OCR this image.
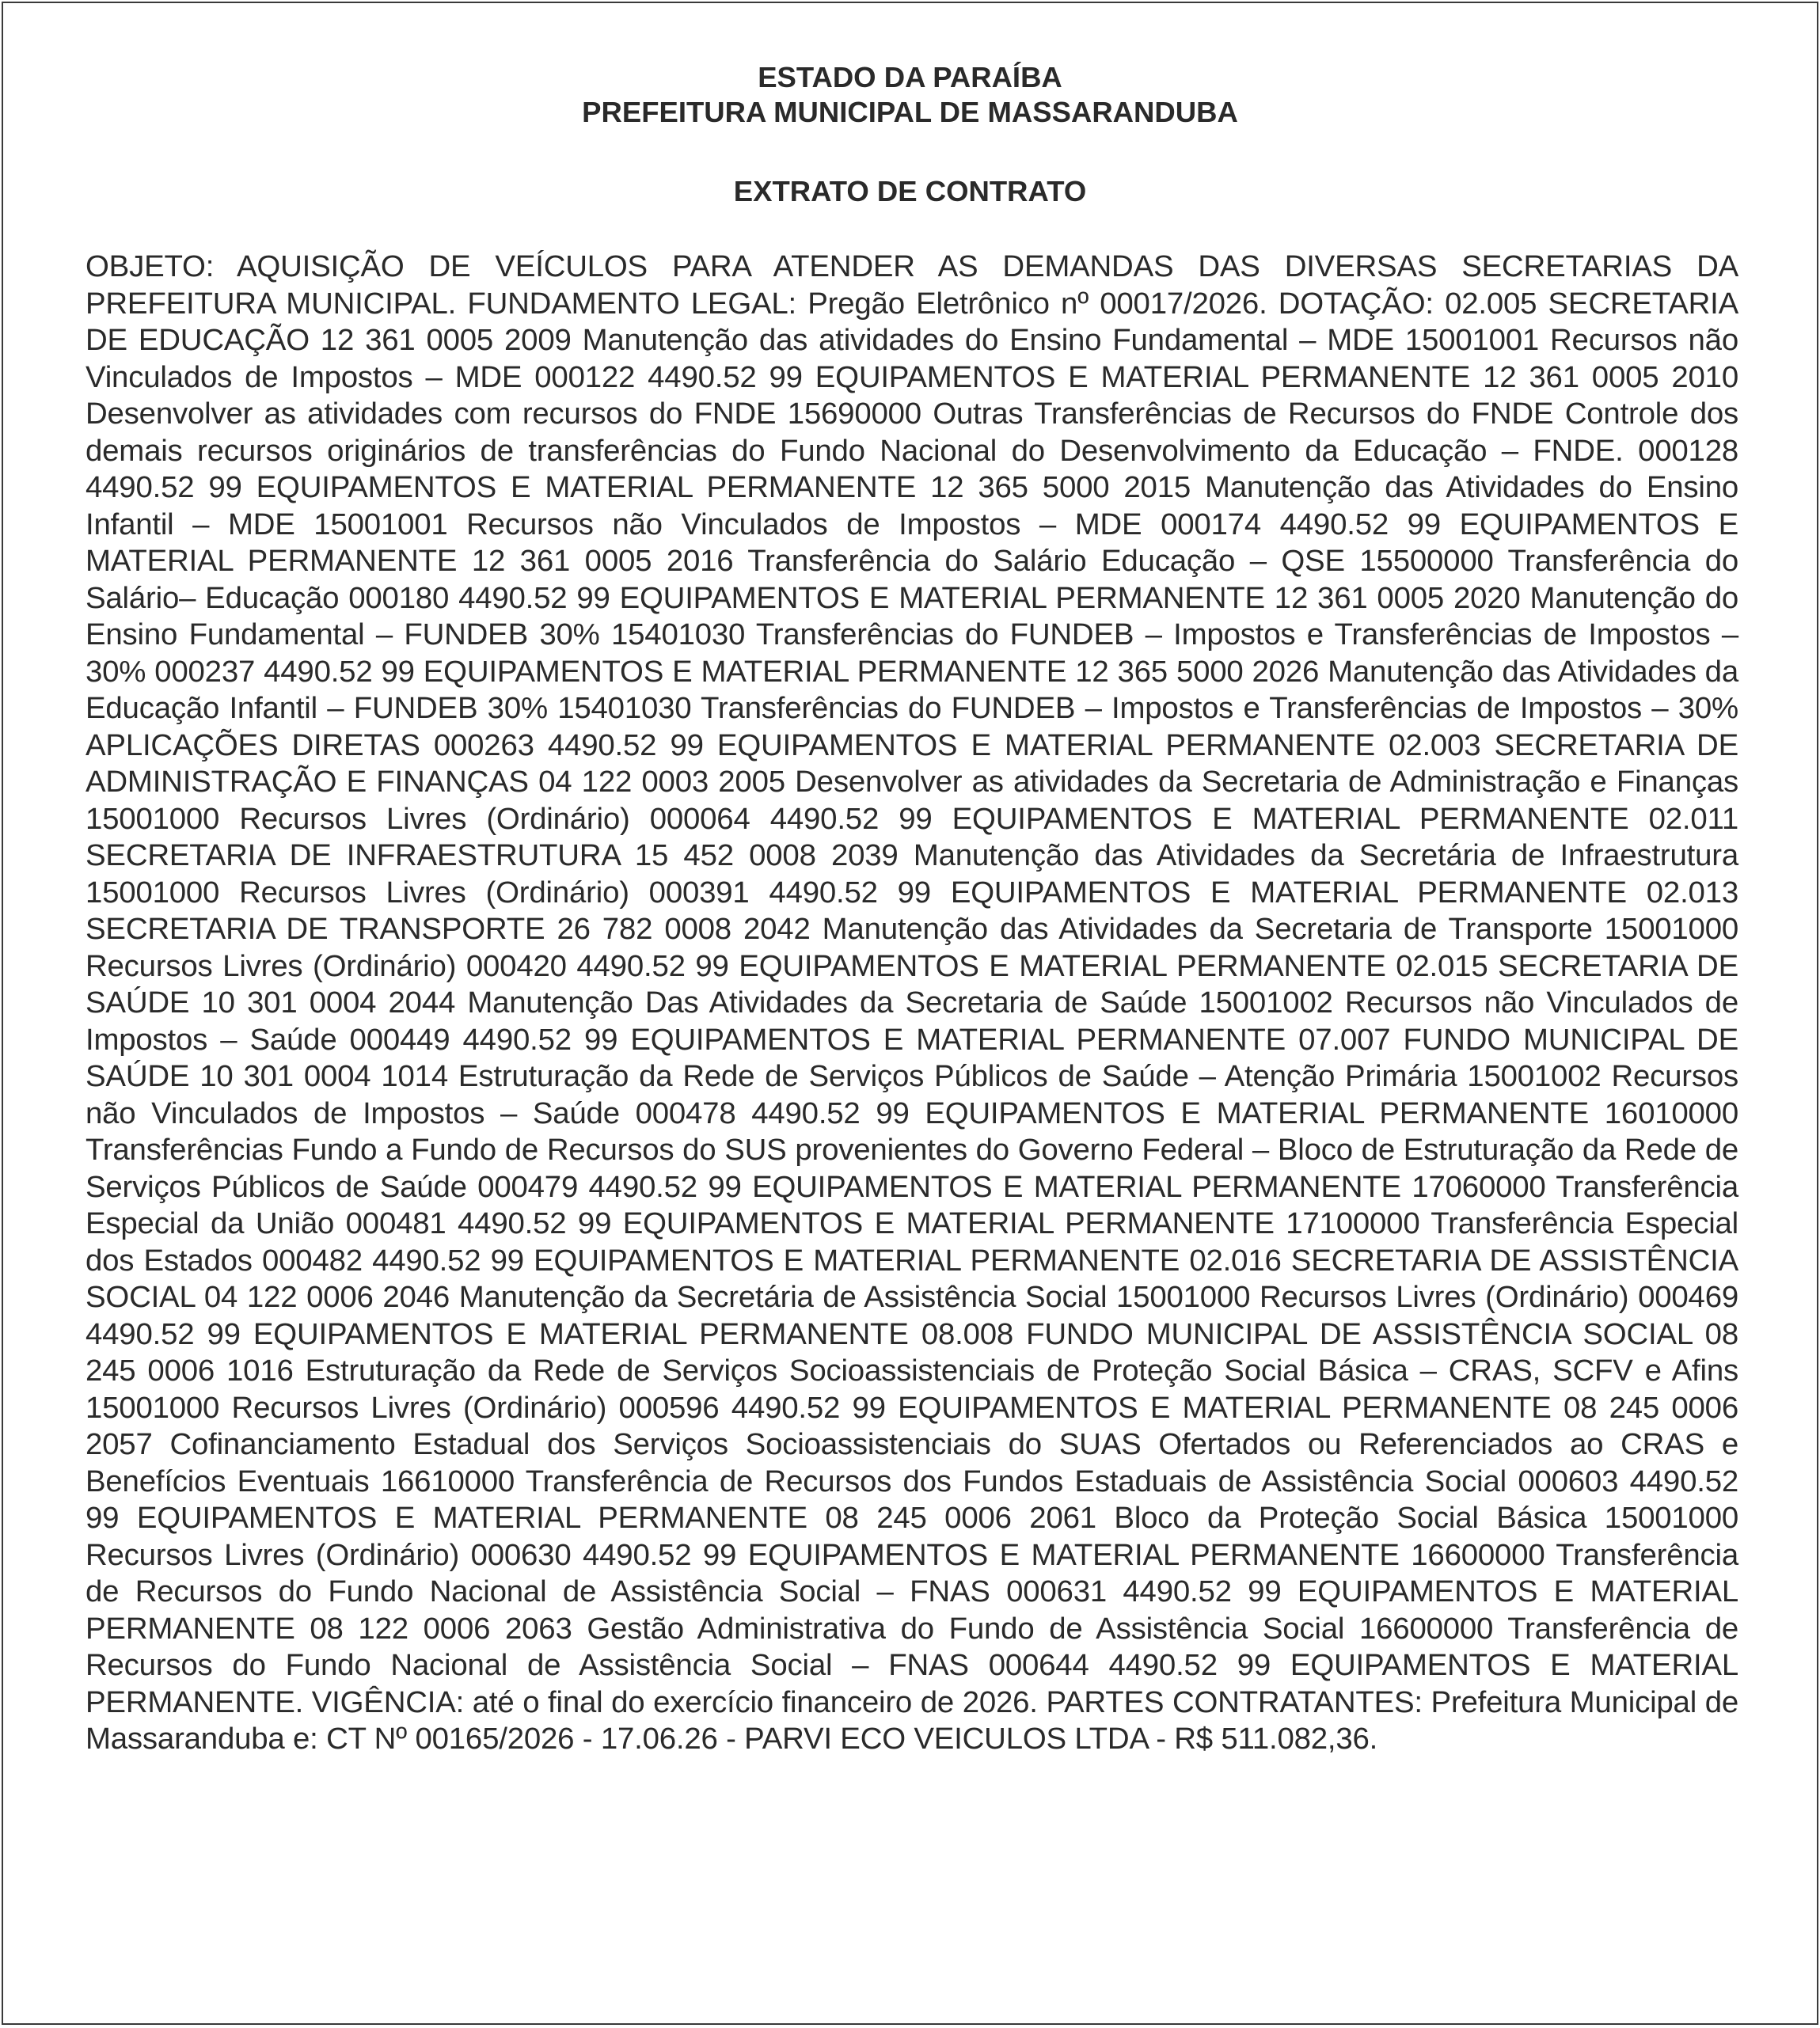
ESTADO DA PARAÍBA
PREFEITURA MUNICIPAL DE MASSARANDUBA
EXTRATO DE CONTRATO

OBJETO: AQUISIÇÃO DE VEÍCULOS PARA ATENDER AS DEMANDAS DAS DIVERSAS SECRETARIAS DA PREFEITURA MUNICIPAL. FUNDAMENTO LEGAL: Pregão Eletrônico nº 00017/2026. DOTAÇÃO: 02.005 SECRETARIA DE EDUCAÇÃO 12 361 0005 2009 Manutenção das atividades do Ensino Fundamental – MDE 15001001 Recursos não Vinculados de Impostos – MDE 000122 4490.52 99 EQUIPAMENTOS E MATERIAL PERMANENTE 12 361 0005 2010 Desenvolver as atividades com recursos do FNDE 15690000 Outras Transferências de Recursos do FNDE Controle dos demais recursos originários de transferências do Fundo Nacional do Desenvolvimento da Educação – FNDE. 000128 4490.52 99 EQUIPAMENTOS E MATERIAL PERMANENTE 12 365 5000 2015 Manutenção das Atividades do Ensino Infantil – MDE 15001001 Recursos não Vinculados de Impostos – MDE 000174 4490.52 99 EQUIPAMENTOS E MATERIAL PERMANENTE 12 361 0005 2016 Transferência do Salário Educação – QSE 15500000 Transferência do Salário– Educação 000180 4490.52 99 EQUIPAMENTOS E MATERIAL PERMANENTE 12 361 0005 2020 Manutenção do Ensino Fundamental – FUNDEB 30% 15401030 Transferências do FUNDEB – Impostos e Transferências de Impostos – 30% 000237 4490.52 99 EQUIPAMENTOS E MATERIAL PERMANENTE 12 365 5000 2026 Manutenção das Atividades da Educação Infantil – FUNDEB 30% 15401030 Transferências do FUNDEB – Impostos e Transferências de Impostos – 30% APLICAÇÕES DIRETAS 000263 4490.52 99 EQUIPAMENTOS E MATERIAL PERMANENTE 02.003 SECRETARIA DE ADMINISTRAÇÃO E FINANÇAS 04 122 0003 2005 Desenvolver as atividades da Secretaria de Administração e Finanças 15001000 Recursos Livres (Ordinário) 000064 4490.52 99 EQUIPAMENTOS E MATERIAL PERMANENTE 02.011 SECRETARIA DE INFRAESTRUTURA 15 452 0008 2039 Manutenção das Atividades da Secretária de Infraestrutura 15001000 Recursos Livres (Ordinário) 000391 4490.52 99 EQUIPAMENTOS E MATERIAL PERMANENTE 02.013 SECRETARIA DE TRANSPORTE 26 782 0008 2042 Manutenção das Atividades da Secretaria de Transporte 15001000 Recursos Livres (Ordinário) 000420 4490.52 99 EQUIPAMENTOS E MATERIAL PERMANENTE 02.015 SECRETARIA DE SAÚDE 10 301 0004 2044 Manutenção Das Atividades da Secretaria de Saúde 15001002 Recursos não Vinculados de Impostos – Saúde 000449 4490.52 99 EQUIPAMENTOS E MATERIAL PERMANENTE 07.007 FUNDO MUNICIPAL DE SAÚDE 10 301 0004 1014 Estruturação da Rede de Serviços Públicos de Saúde – Atenção Primária 15001002 Recursos não Vinculados de Impostos – Saúde 000478 4490.52 99 EQUIPAMENTOS E MATERIAL PERMANENTE 16010000 Transferências Fundo a Fundo de Recursos do SUS provenientes do Governo Federal – Bloco de Estruturação da Rede de Serviços Públicos de Saúde 000479 4490.52 99 EQUIPAMENTOS E MATERIAL PERMANENTE 17060000 Transferência Especial da União 000481 4490.52 99 EQUIPAMENTOS E MATERIAL PERMANENTE 17100000 Transferência Especial dos Estados 000482 4490.52 99 EQUIPAMENTOS E MATERIAL PERMANENTE 02.016 SECRETARIA DE ASSISTÊNCIA SOCIAL 04 122 0006 2046 Manutenção da Secretária de Assistência Social 15001000 Recursos Livres (Ordinário) 000469 4490.52 99 EQUIPAMENTOS E MATERIAL PERMANENTE 08.008 FUNDO MUNICIPAL DE ASSISTÊNCIA SOCIAL 08 245 0006 1016 Estruturação da Rede de Serviços Socioassistenciais de Proteção Social Básica – CRAS, SCFV e Afins 15001000 Recursos Livres (Ordinário) 000596 4490.52 99 EQUIPAMENTOS E MATERIAL PERMANENTE 08 245 0006 2057 Cofinanciamento Estadual dos Serviços Socioassistenciais do SUAS Ofertados ou Referenciados ao CRAS e Benefícios Eventuais 16610000 Transferência de Recursos dos Fundos Estaduais de Assistência Social 000603 4490.52 99 EQUIPAMENTOS E MATERIAL PERMANENTE 08 245 0006 2061 Bloco da Proteção Social Básica 15001000 Recursos Livres (Ordinário) 000630 4490.52 99 EQUIPAMENTOS E MATERIAL PERMANENTE 16600000 Transferência de Recursos do Fundo Nacional de Assistência Social – FNAS 000631 4490.52 99 EQUIPAMENTOS E MATERIAL PERMANENTE 08 122 0006 2063 Gestão Administrativa do Fundo de Assistência Social 16600000 Transferência de Recursos do Fundo Nacional de Assistência Social – FNAS 000644 4490.52 99 EQUIPAMENTOS E MATERIAL PERMANENTE. VIGÊNCIA: até o final do exercício financeiro de 2026. PARTES CONTRATANTES: Prefeitura Municipal de Massaranduba e: CT Nº 00165/2026 - 17.06.26 - PARVI ECO VEICULOS LTDA - R$ 511.082,36.
